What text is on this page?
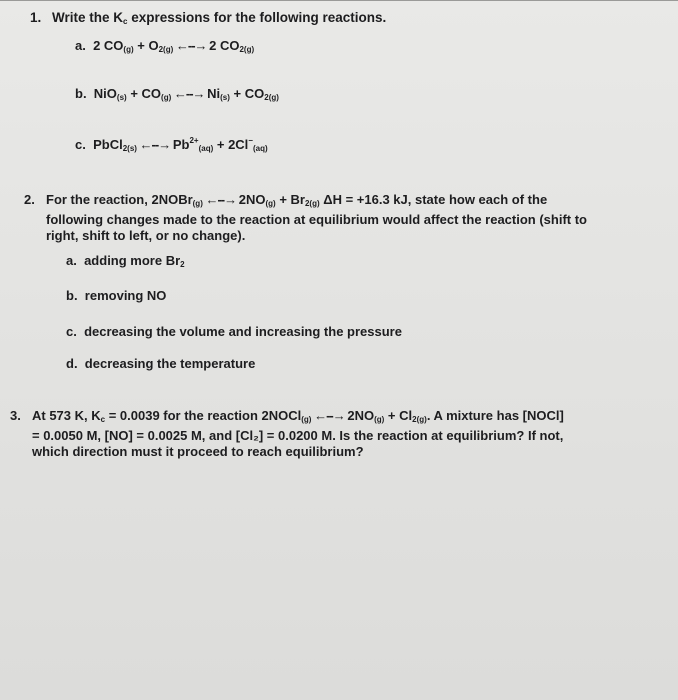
1. Write the $K_c$ expressions for the following reactions.
a. 2 $CO_{(g)} + O_{2(g)}$ ←--→ 2 $CO_{2(g)}$
b. $NiO_{(s)} + CO_{(g)}$ ←--→ $Ni_{(s)} + CO_{2(g)}$
c. PbCl$_{2(s)}$ ←--→ $Pb^{2+}_{(aq)} + 2Cl^-_{(aq)}$
2. For the reaction, 2NOBr$_{(g)}$ ←--→ $2NO_{(g)} + Br_{2(g)}$ ΔH = +16.3 kJ, state how each of the
following changes made to the reaction at equilibrium would affect the reaction (shift to
right, shift to left, or no change).
a. adding more $Br_2$
b. removing NO
c. decreasing the volume and increasing the pressure
d. decreasing the temperature
3. At 573 K, $K_c = 0.0039$ for the reaction 2NOCl$_{(g)}$ ←--→ $2NO_{(g)} + Cl_{2(g)}$. A mixture has [NOCl]
= 0.0050 M, [NO] = 0.0025 M, and [Cl₂] = 0.0200 M. Is the reaction at equilibrium? If not,
which direction must it proceed to reach equilibrium?
